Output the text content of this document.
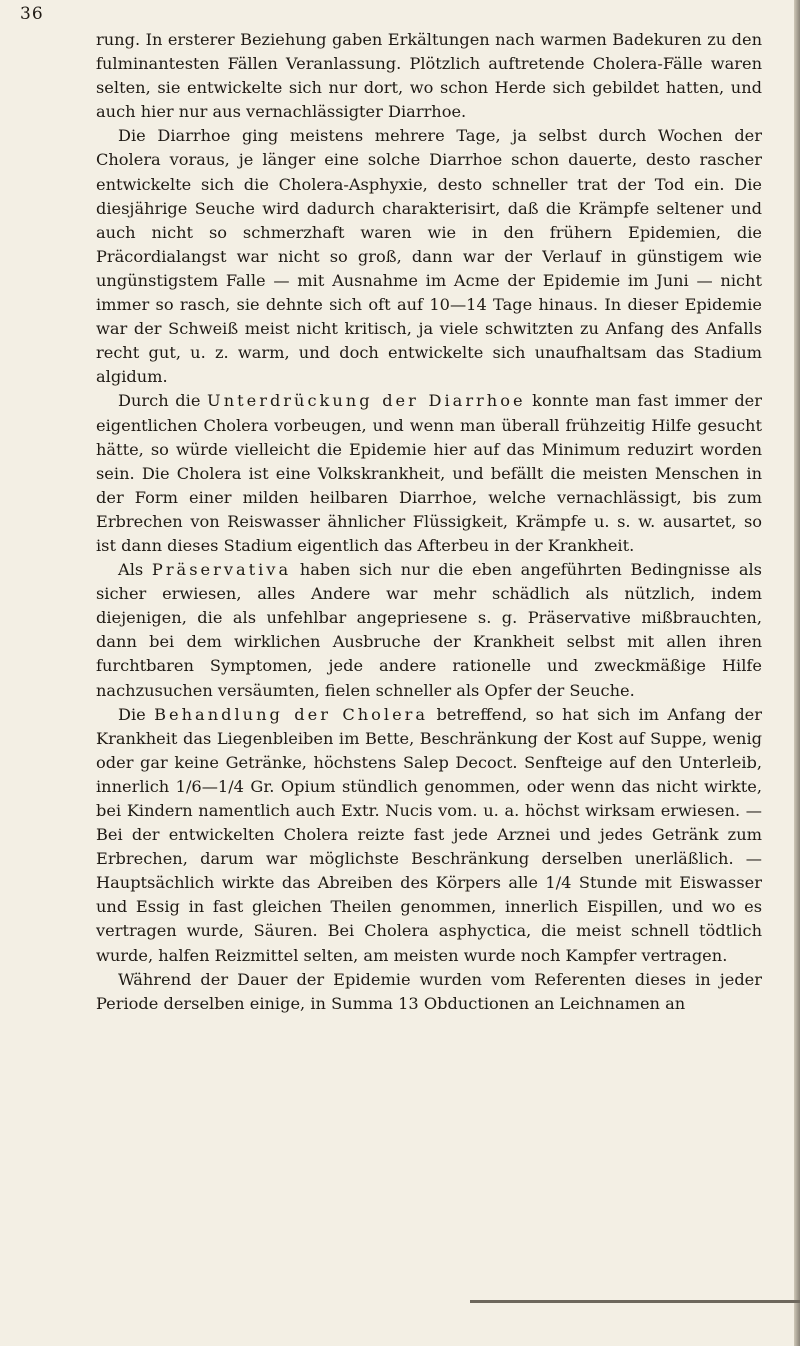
36

rung. In ersterer Beziehung gaben Erkältungen nach warmen Badekuren zu den fulminantesten Fällen Veranlassung. Plötzlich auftretende Cholera-Fälle waren selten, sie entwickelte sich nur dort, wo schon Herde sich gebildet hatten, und auch hier nur aus vernachlässigter Diarrhoe.

Die Diarrhoe ging meistens mehrere Tage, ja selbst durch Wochen der Cholera voraus, je länger eine solche Diarrhoe schon dauerte, desto rascher entwickelte sich die Cholera-Asphyxie, desto schneller trat der Tod ein. Die diesjährige Seuche wird dadurch charakterisirt, daß die Krämpfe seltener und auch nicht so schmerzhaft waren wie in den frühern Epidemien, die Präcordialangst war nicht so groß, dann war der Verlauf in günstigem wie ungünstigstem Falle — mit Ausnahme im Acme der Epidemie im Juni — nicht immer so rasch, sie dehnte sich oft auf 10—14 Tage hinaus. In dieser Epidemie war der Schweiß meist nicht kritisch, ja viele schwitzten zu Anfang des Anfalls recht gut, u. z. warm, und doch entwickelte sich unaufhaltsam das Stadium algidum.

Durch die Unterdrückung der Diarrhoe konnte man fast immer der eigentlichen Cholera vorbeugen, und wenn man überall frühzeitig Hilfe gesucht hätte, so würde vielleicht die Epidemie hier auf das Minimum reduzirt worden sein. Die Cholera ist eine Volkskrankheit, und befällt die meisten Menschen in der Form einer milden heilbaren Diarrhoe, welche vernachlässigt, bis zum Erbrechen von Reiswasser ähnlicher Flüssigkeit, Krämpfe u. s. w. ausartet, so ist dann dieses Stadium eigentlich das Afterbeu in der Krankheit.

Als Präservativa haben sich nur die eben angeführten Bedingnisse als sicher erwiesen, alles Andere war mehr schädlich als nützlich, indem diejenigen, die als unfehlbar angepriesene s. g. Präservative mißbrauchten, dann bei dem wirklichen Ausbruche der Krankheit selbst mit allen ihren furchtbaren Symptomen, jede andere rationelle und zweckmäßige Hilfe nachzusuchen versäumten, fielen schneller als Opfer der Seuche.

Die Behandlung der Cholera betreffend, so hat sich im Anfang der Krankheit das Liegenbleiben im Bette, Beschränkung der Kost auf Suppe, wenig oder gar keine Getränke, höchstens Salep Decoct. Senfteige auf den Unterleib, innerlich 1/6—1/4 Gr. Opium stündlich genommen, oder wenn das nicht wirkte, bei Kindern namentlich auch Extr. Nucis vom. u. a. höchst wirksam erwiesen. — Bei der entwickelten Cholera reizte fast jede Arznei und jedes Getränk zum Erbrechen, darum war möglichste Beschränkung derselben unerläßlich. — Hauptsächlich wirkte das Abreiben des Körpers alle 1/4 Stunde mit Eiswasser und Essig in fast gleichen Theilen genommen, innerlich Eispillen, und wo es vertragen wurde, Säuren. Bei Cholera asphyctica, die meist schnell tödtlich wurde, halfen Reizmittel selten, am meisten wurde noch Kampfer vertragen.

Während der Dauer der Epidemie wurden vom Referenten dieses in jeder Periode derselben einige, in Summa 13 Obductionen an Leichnamen an
